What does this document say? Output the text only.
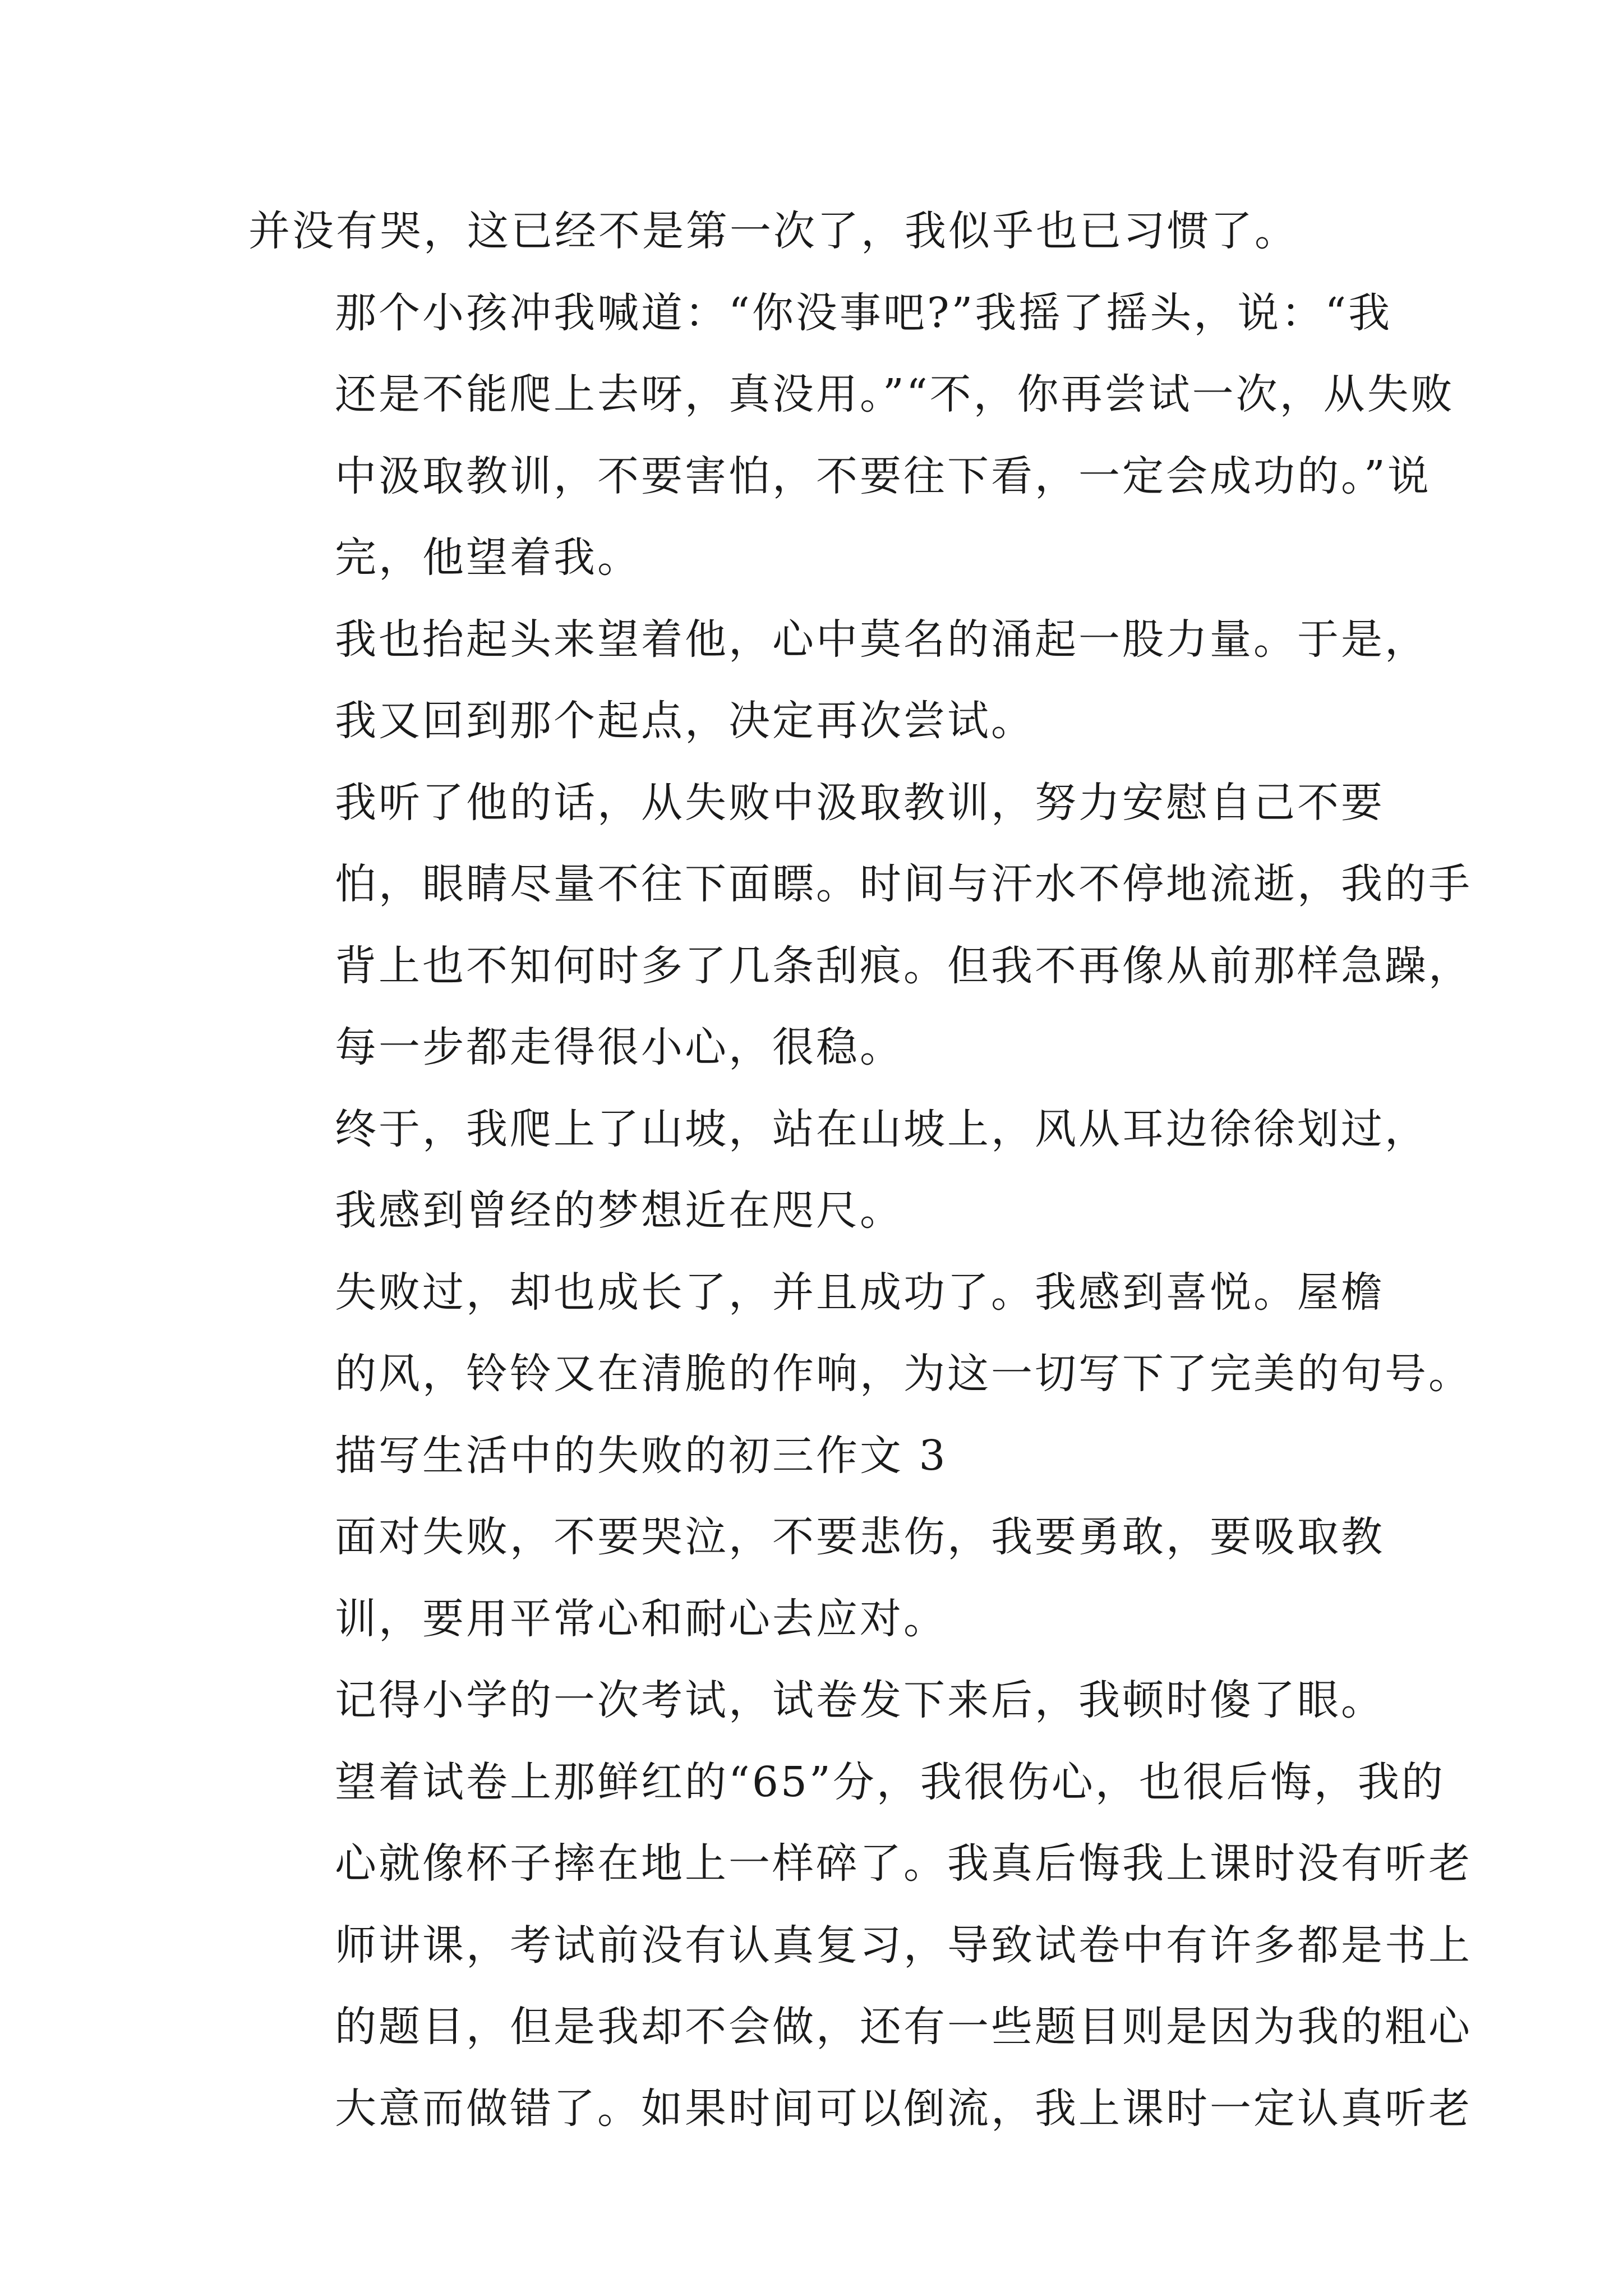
并没有哭，这已经不是第一次了，我似乎也已习惯了。

那个小孩冲我喊道：“你没事吧?”我摇了摇头，说：“我
还是不能爬上去呀，真没用。”“不，你再尝试一次，从失败
中汲取教训，不要害怕，不要往下看，一定会成功的。”说
完，他望着我。

我也抬起头来望着他，心中莫名的涌起一股力量。于是，
我又回到那个起点，决定再次尝试。

我听了他的话，从失败中汲取教训，努力安慰自己不要
怕，眼睛尽量不往下面瞟。时间与汗水不停地流逝，我的手
背上也不知何时多了几条刮痕。但我不再像从前那样急躁，
每一步都走得很小心，很稳。

终于，我爬上了山坡，站在山坡上，风从耳边徐徐划过，
我感到曾经的梦想近在咫尺。

失败过，却也成长了，并且成功了。我感到喜悦。屋檐
的风，铃铃又在清脆的作响，为这一切写下了完美的句号。

描写生活中的失败的初三作文 3

面对失败，不要哭泣，不要悲伤，我要勇敢，要吸取教
训，要用平常心和耐心去应对。

记得小学的一次考试，试卷发下来后，我顿时傻了眼。
望着试卷上那鲜红的“65”分，我很伤心，也很后悔，我的
心就像杯子摔在地上一样碎了。我真后悔我上课时没有听老
师讲课，考试前没有认真复习，导致试卷中有许多都是书上
的题目，但是我却不会做，还有一些题目则是因为我的粗心
大意而做错了。如果时间可以倒流，我上课时一定认真听老
